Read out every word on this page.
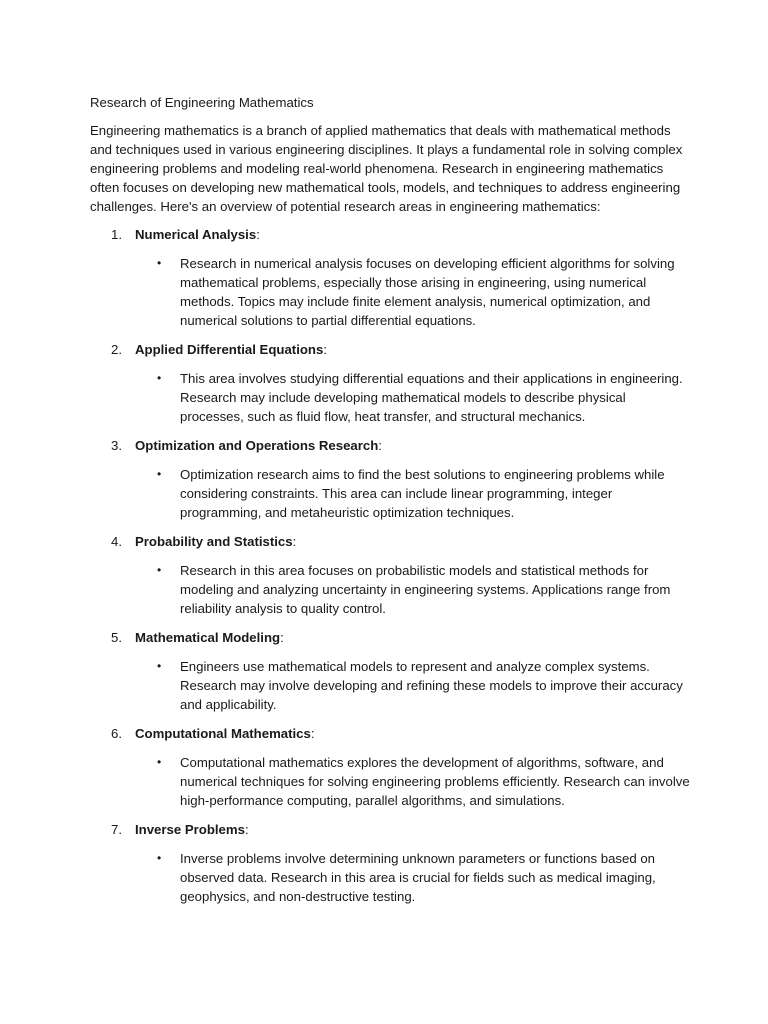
Research of Engineering Mathematics

Engineering mathematics is a branch of applied mathematics that deals with mathematical methods and techniques used in various engineering disciplines. It plays a fundamental role in solving complex engineering problems and modeling real-world phenomena. Research in engineering mathematics often focuses on developing new mathematical tools, models, and techniques to address engineering challenges. Here's an overview of potential research areas in engineering mathematics:

1. Numerical Analysis:

• Research in numerical analysis focuses on developing efficient algorithms for solving mathematical problems, especially those arising in engineering, using numerical methods. Topics may include finite element analysis, numerical optimization, and numerical solutions to partial differential equations.

2. Applied Differential Equations:

• This area involves studying differential equations and their applications in engineering. Research may include developing mathematical models to describe physical processes, such as fluid flow, heat transfer, and structural mechanics.

3. Optimization and Operations Research:

• Optimization research aims to find the best solutions to engineering problems while considering constraints. This area can include linear programming, integer programming, and metaheuristic optimization techniques.

4. Probability and Statistics:

• Research in this area focuses on probabilistic models and statistical methods for modeling and analyzing uncertainty in engineering systems. Applications range from reliability analysis to quality control.

5. Mathematical Modeling:

• Engineers use mathematical models to represent and analyze complex systems. Research may involve developing and refining these models to improve their accuracy and applicability.

6. Computational Mathematics:

• Computational mathematics explores the development of algorithms, software, and numerical techniques for solving engineering problems efficiently. Research can involve high-performance computing, parallel algorithms, and simulations.

7. Inverse Problems:

• Inverse problems involve determining unknown parameters or functions based on observed data. Research in this area is crucial for fields such as medical imaging, geophysics, and non-destructive testing.
